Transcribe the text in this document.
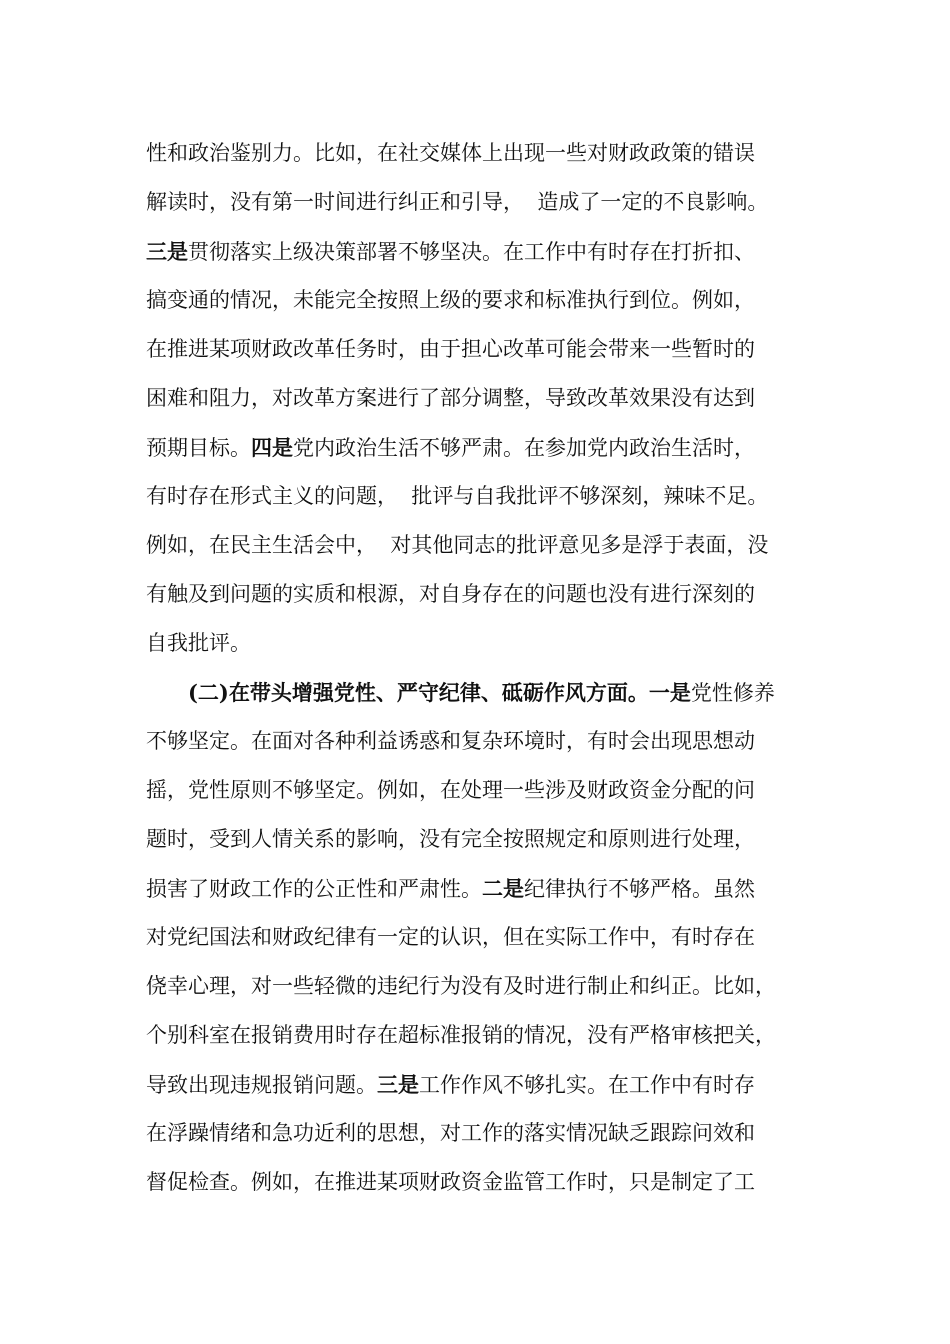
性和政治鉴别力。比如，在社交媒体上出现一些对财政政策的错误
解读时，没有第一时间进行纠正和引导，  造成了一定的不良影响。
三是贯彻落实上级决策部署不够坚决。在工作中有时存在打折扣、
搞变通的情况，未能完全按照上级的要求和标准执行到位。例如，
在推进某项财政改革任务时，由于担心改革可能会带来一些暂时的
困难和阻力，对改革方案进行了部分调整，导致改革效果没有达到
预期目标。四是党内政治生活不够严肃。在参加党内政治生活时，
有时存在形式主义的问题，  批评与自我批评不够深刻，辣味不足。
例如，在民主生活会中，  对其他同志的批评意见多是浮于表面，没
有触及到问题的实质和根源，对自身存在的问题也没有进行深刻的
自我批评。
(二)在带头增强党性、严守纪律、砥砺作风方面。一是党性修养
不够坚定。在面对各种利益诱惑和复杂环境时，有时会出现思想动
摇，党性原则不够坚定。例如，在处理一些涉及财政资金分配的问
题时，受到人情关系的影响，没有完全按照规定和原则进行处理，
损害了财政工作的公正性和严肃性。二是纪律执行不够严格。虽然
对党纪国法和财政纪律有一定的认识，但在实际工作中，有时存在
侥幸心理，对一些轻微的违纪行为没有及时进行制止和纠正。比如，
个别科室在报销费用时存在超标准报销的情况，没有严格审核把关，
导致出现违规报销问题。三是工作作风不够扎实。在工作中有时存
在浮躁情绪和急功近利的思想，对工作的落实情况缺乏跟踪问效和
督促检查。例如，在推进某项财政资金监管工作时，只是制定了工
